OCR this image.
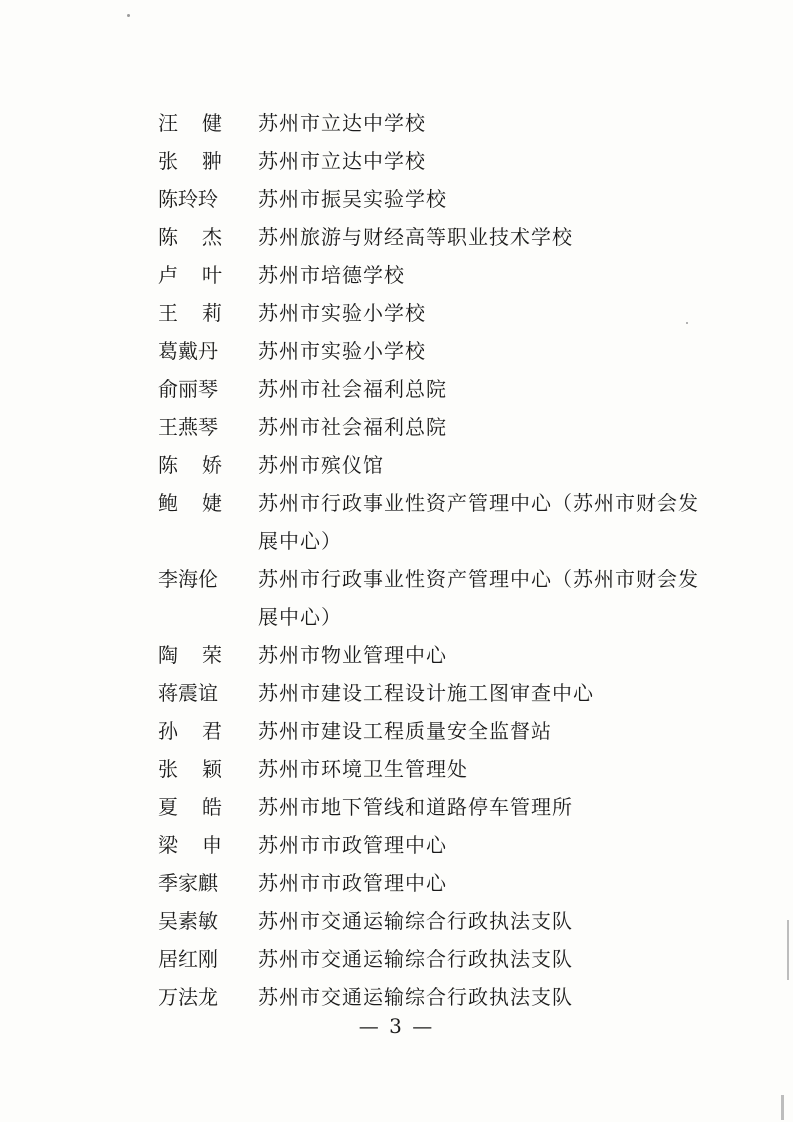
汪健 苏州市立达中学校
张翀 苏州市立达中学校
陈玲玲 苏州市振吴实验学校
陈杰 苏州旅游与财经高等职业技术学校
卢叶 苏州市培德学校
王莉 苏州市实验小学校
葛戴丹 苏州市实验小学校
俞丽琴 苏州市社会福利总院
王燕琴 苏州市社会福利总院
陈娇 苏州市殡仪馆
鲍婕 苏州市行政事业性资产管理中心（苏州市财会发展中心）
李海伦 苏州市行政事业性资产管理中心（苏州市财会发展中心）
陶荣 苏州市物业管理中心
蒋震谊 苏州市建设工程设计施工图审查中心
孙君 苏州市建设工程质量安全监督站
张颖 苏州市环境卫生管理处
夏皓 苏州市地下管线和道路停车管理所
梁申 苏州市市政管理中心
季家麒 苏州市市政管理中心
吴素敏 苏州市交通运输综合行政执法支队
居红刚 苏州市交通运输综合行政执法支队
万法龙 苏州市交通运输综合行政执法支队
— 3 —
